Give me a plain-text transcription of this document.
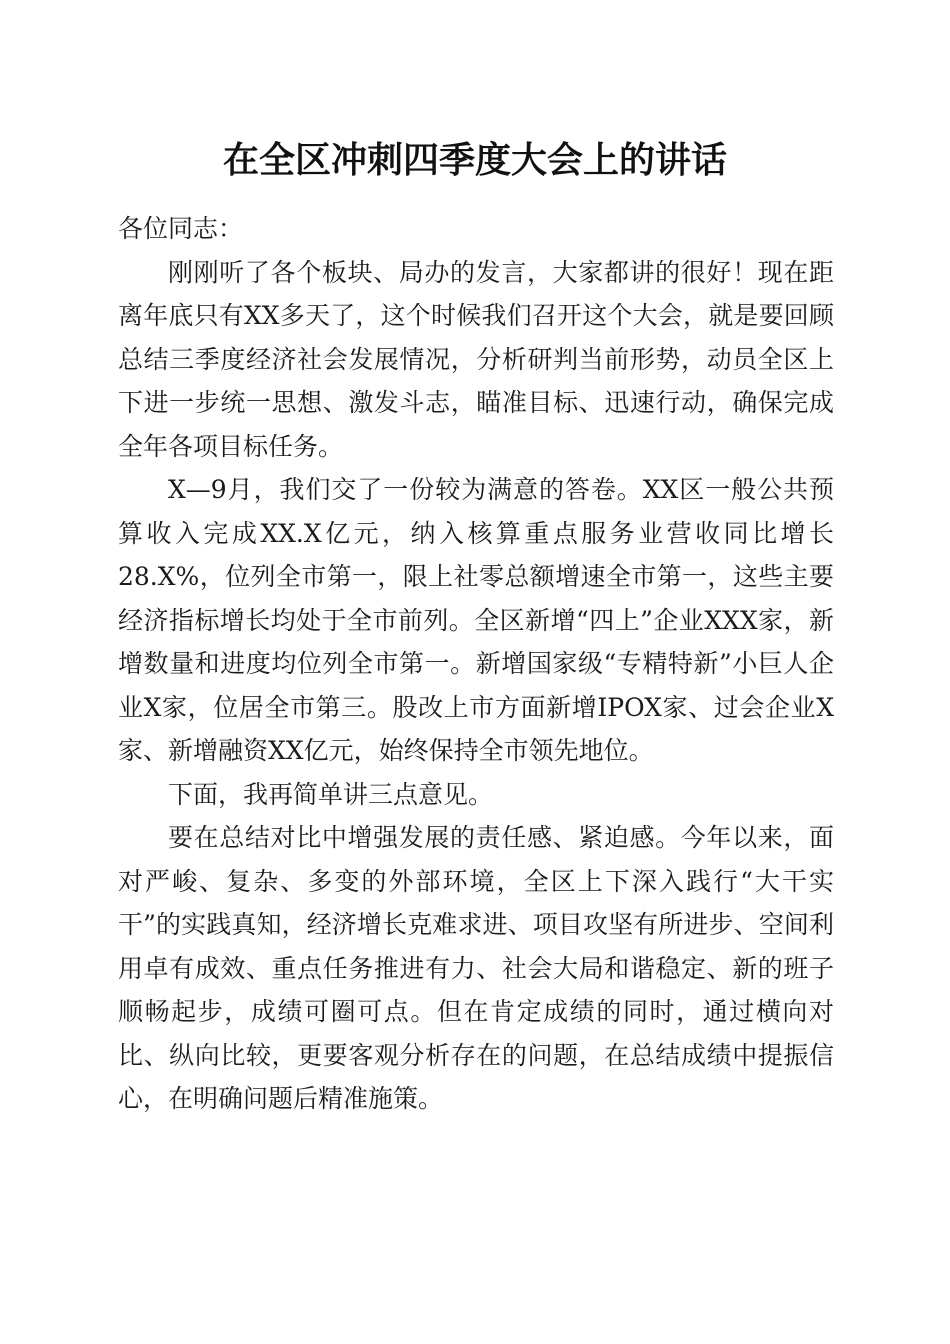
在全区冲刺四季度大会上的讲话

各位同志：

刚刚听了各个板块、局办的发言，大家都讲的很好！现在距离年底只有XX多天了，这个时候我们召开这个大会，就是要回顾总结三季度经济社会发展情况，分析研判当前形势，动员全区上下进一步统一思想、激发斗志，瞄准目标、迅速行动，确保完成全年各项目标任务。

X—9月，我们交了一份较为满意的答卷。XX区一般公共预算收入完成XX.X亿元，纳入核算重点服务业营收同比增长28.X%，位列全市第一，限上社零总额增速全市第一，这些主要经济指标增长均处于全市前列。全区新增“四上”企业XXX家，新增数量和进度均位列全市第一。新增国家级“专精特新”小巨人企业X家，位居全市第三。股改上市方面新增IPOX家、过会企业X家、新增融资XX亿元，始终保持全市领先地位。

下面，我再简单讲三点意见。

要在总结对比中增强发展的责任感、紧迫感。今年以来，面对严峻、复杂、多变的外部环境，全区上下深入践行“大干实干”的实践真知，经济增长克难求进、项目攻坚有所进步、空间利用卓有成效、重点任务推进有力、社会大局和谐稳定、新的班子顺畅起步，成绩可圈可点。但在肯定成绩的同时，通过横向对比、纵向比较，更要客观分析存在的问题，在总结成绩中提振信心，在明确问题后精准施策。
